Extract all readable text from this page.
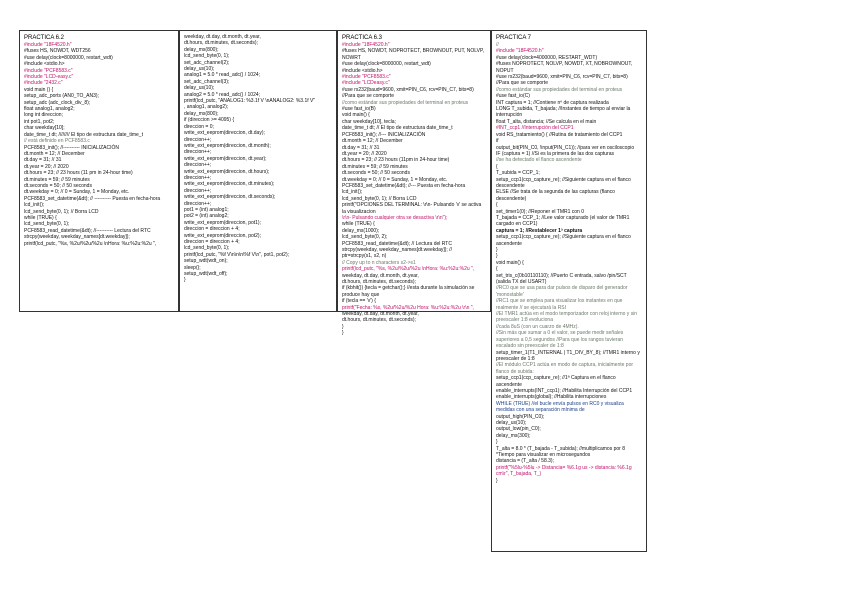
PRACTICA 6.2
#include "18F4520.h"
#fuses HS, NOWDT, WDT256
#use delay(clock=8000000, restart_wdt)
#include <stdio.h>
#include "PCF8583.c"
#include "LCD-easy.c"
#include "2432.c"
void main () {
setup_adc_ports (AN0_TO_AN3);
setup_adc (adc_clock_div_8);
float analog1, analog2;
long int direccion;
int pot1, pot2;
char weekday[10];
date_time_t dt; //////// El tipo de estructura date_time_t
// está definido en PCF8583.c
PCF8583_init(); //---------- INICIALIZACIÓN
dt.month = 12; // December
dt.day = 31; // 31
dt.year = 20; // 2020
dt.hours = 23; // 23 hours (11 pm in 24-hour time)
dt.minutes = 59; // 59 minutes
dt.seconds = 50; // 50 seconds
dt.weekday = 0; // 0 = Sunday, 1 = Monday, etc.
PCF8583_set_datetime(&dt); // ---------- Puesta en fecha-hora
lcd_init();
lcd_send_byte(0, 1); // Borra LCD
while (TRUE) {
lcd_send_byte(0, 1);
PCF8583_read_datetime(&dt); //---------- Lectura del RTC
strcpy(weekday, weekday_names[dt.weekday]);
printf(lcd_putc, "%s, %2u/%2u/%2u \nHora: %u:%2u:%2u ",
weekday, dt.day, dt.month, dt.year,
dt.hours, dt.minutes, dt.seconds);
delay_ms(800);
lcd_send_byte(0, 1);
set_adc_channel(2);
delay_us(10);
analog1 = 5.0 * read_adc() / 1024;
set_adc_channel(3);
delay_us(10);
analog2 = 5.0 * read_adc() / 1024;
printf(lcd_putc, "ANALOG1: %3.1f V \nANALOG2: %3.1f V"
, analog1, analog2);
delay_ms(800);
if (direccion >= 4095) {
direccion = 0;
write_ext_eeprom(direccion, dt.day);
direccion++;
write_ext_eeprom(direccion, dt.month);
direccion++;
write_ext_eeprom(direccion, dt.year);
direccion++;
write_ext_eeprom(direccion, dt.hours);
direccion++;
write_ext_eeprom(direccion, dt.minutes);
direccion++;
write_ext_eeprom(direccion, dt.seconds);
direccion++;
pot1 = (int) analog1;
pot2 = (int) analog2;
write_ext_eeprom(direccion, pot1);
direccion = direccion + 4;
write_ext_eeprom(direccion, pot2);
direccion = direccion + 4;
lcd_send_byte(0, 1);
printf(lcd_putc, "%f V\n\n\n\%f V\n", pot1, pot2);
setup_wdt(wdt_on);
sleep();
setup_wdt(wdt_off);
}
PRACTICA 6.3
#include "18F4520.h"
#fuses HS, NOWDT, NOPROTECT, BROWNOUT, PUT, NOLVP, NOWRT
#use delay(clock=8000000, restart_wdt)
#include <stdio.h>
#include "PCF8583.c"
#include "LCDeasy.c"
#use rs232(baud=9600, xmit=PIN_C6, rcv=PIN_C7, bits=8) //Para que se comporte
//como estándar sus propiedades del terminal en proteus
#use fast_io(B)
void main() {
char weekday[10], tecla;
date_time_t dt; // El tipo de estructura date_time_t
PCF8583_init(); //--- INICIALIZACIÓN
dt.month = 12; // December
dt.day = 31; // 31
dt.year = 20; // 2020
dt.hours = 23; // 23 hours (11pm in 24-hour time)
dt.minutes = 59; // 59 minutes
dt.seconds = 50; // 50 seconds
dt.weekday = 0; // 0 = Sunday, 1 = Monday, etc.
PCF8583_set_datetime(&dt); //--- Puesta en fecha-hora
lcd_init();
lcd_send_byte(0, 1); // Borra LCD
printf("OPCIONES DEL TERMINAL: \r\n- Pulsando 'v' se activa la visualizacion
\r\n- Pulsando cualquier otra se desactiva \r\n");
while (TRUE) {
delay_ms(1000);
lcd_send_byte(0, 2);
PCF8583_read_datetime(&dt); // Lectura del RTC
strcpy(weekday, weekday_names[dt.weekday]); //
ptr=strcpy(s1, s2, n)
// Copy up to n characters s2->s1
printf(lcd_putc, "%s, %2u/%2u/%2u \nHora: %u:%2u:%2u ",
weekday, dt.day, dt.month, dt.year,
dt.hours, dt.minutes, dt.seconds);
if (kbhit()) {tecla = getchar();} //esta durante la simulación se produce hay que
if (tecla == 'v') {
printf("Fecha: %s, %2u/%2u/%2u Hora: %u:%2u:%2u \r\n ",
weekday, dt.day, dt.month, dt.year,
dt.hours, dt.minutes, dt.seconds);
}
}
PRACTICA 7
//
#include "18F4520.h"
#use delay(clock=4000000, RESTART_WDT)
#fuses NOPROTECT, NOLVP, NOWDT, XT, NOBROWNOUT, NOPUT
#use rs232(baud=9600, xmit=PIN_C6, rcv=PIN_C7, bits=8) //Para que se comporte
//como estándar sus propiedades del terminal en proteus
#use fast_io(C)
INT captura = 1; //Contiene nº de captura realizada
LONG T_subida, T_bajada; //Instantes de tiempo al enviar la interrupción
float T_alta, distancia; //Se calcula en el main
#INT_ccp1 //Interrupción del CCP1
void RS_tratamiento() { //Rutina de tratamiento del CCP1
if
output_bit(PIN_C0, !input(PIN_C1)); //para ver en osciloscopio
IF (captura = 1) //Si es la primera de las dos capturas
//se ha detectado el flanco ascendente
{
T_subida = CCP_1;
setup_ccp1(ccp_capture_re); //Siguiente captura en el flanco descendente
ELSE //Se trata de la segunda de las capturas (flanco descendente)
{
set_timer1(0); //Reponer el TMR1 con 0
T_bajada = CCP_1; //Lee valor capturado (el valor de TMR1 cargado en CCP1)
captura = 1; //Restablecer 1ª captura
setup_ccp1(ccp_capture_re); //Siguiente captura en el flanco ascendente
}
}
void main() {
{
set_tris_c(0b10110110); //Puerto C entrada, salvo /pin/SCT (salida TX del USART)
//RC0 que se usa para dar pulsos de disparo del generador 'monostable'
//RC1 que se emplea para visualizar los instantes en que realmente // se ejecutará la RSI
//El TMR1 actúa en el modo temporizador con reloj interno y sin preescaler 1:8 evoluciona
//cada 8uS (con un cuarzo de 4MHz).
//Sin más que sumar a 0 el valor, se puede medir señales superiores a 0,5 segundos //Para que los rangos tuvieran escalado sin preescaler de 1:8
setup_timer_1(T1_INTERNAL | T1_DIV_BY_8); //TMR1 interno y preescaler de 1:8
//El módulo CCP1 actúa en modo de captura, inicialmente por flanco de subida:
setup_ccp1(ccp_capture_re); //1ª Captura en el flanco ascendente
enable_interrupts(INT_ccp1); //Habilita Interrupción del CCP1
enable_interrupts(global); //Habilita interrupciones
WHILE (TRUE) //el bucle envía pulsos en RC0 y visualiza medidas con una separación mínima de
output_high(PIN_C0);
delay_us(10);
output_low(pin_C0);
delay_ms(300);
}
T_alta = 8.0 * (T_bajada - T_subida); //multiplicamos por 8 *Tiempo para visualizar en microsegundos
distancia = (T_alta / 58.3);
printf("%5lu-%5lu -> Distancia= %6.1g us -> distancia: %6.1g cm\r", T_bajada, T_)
}
